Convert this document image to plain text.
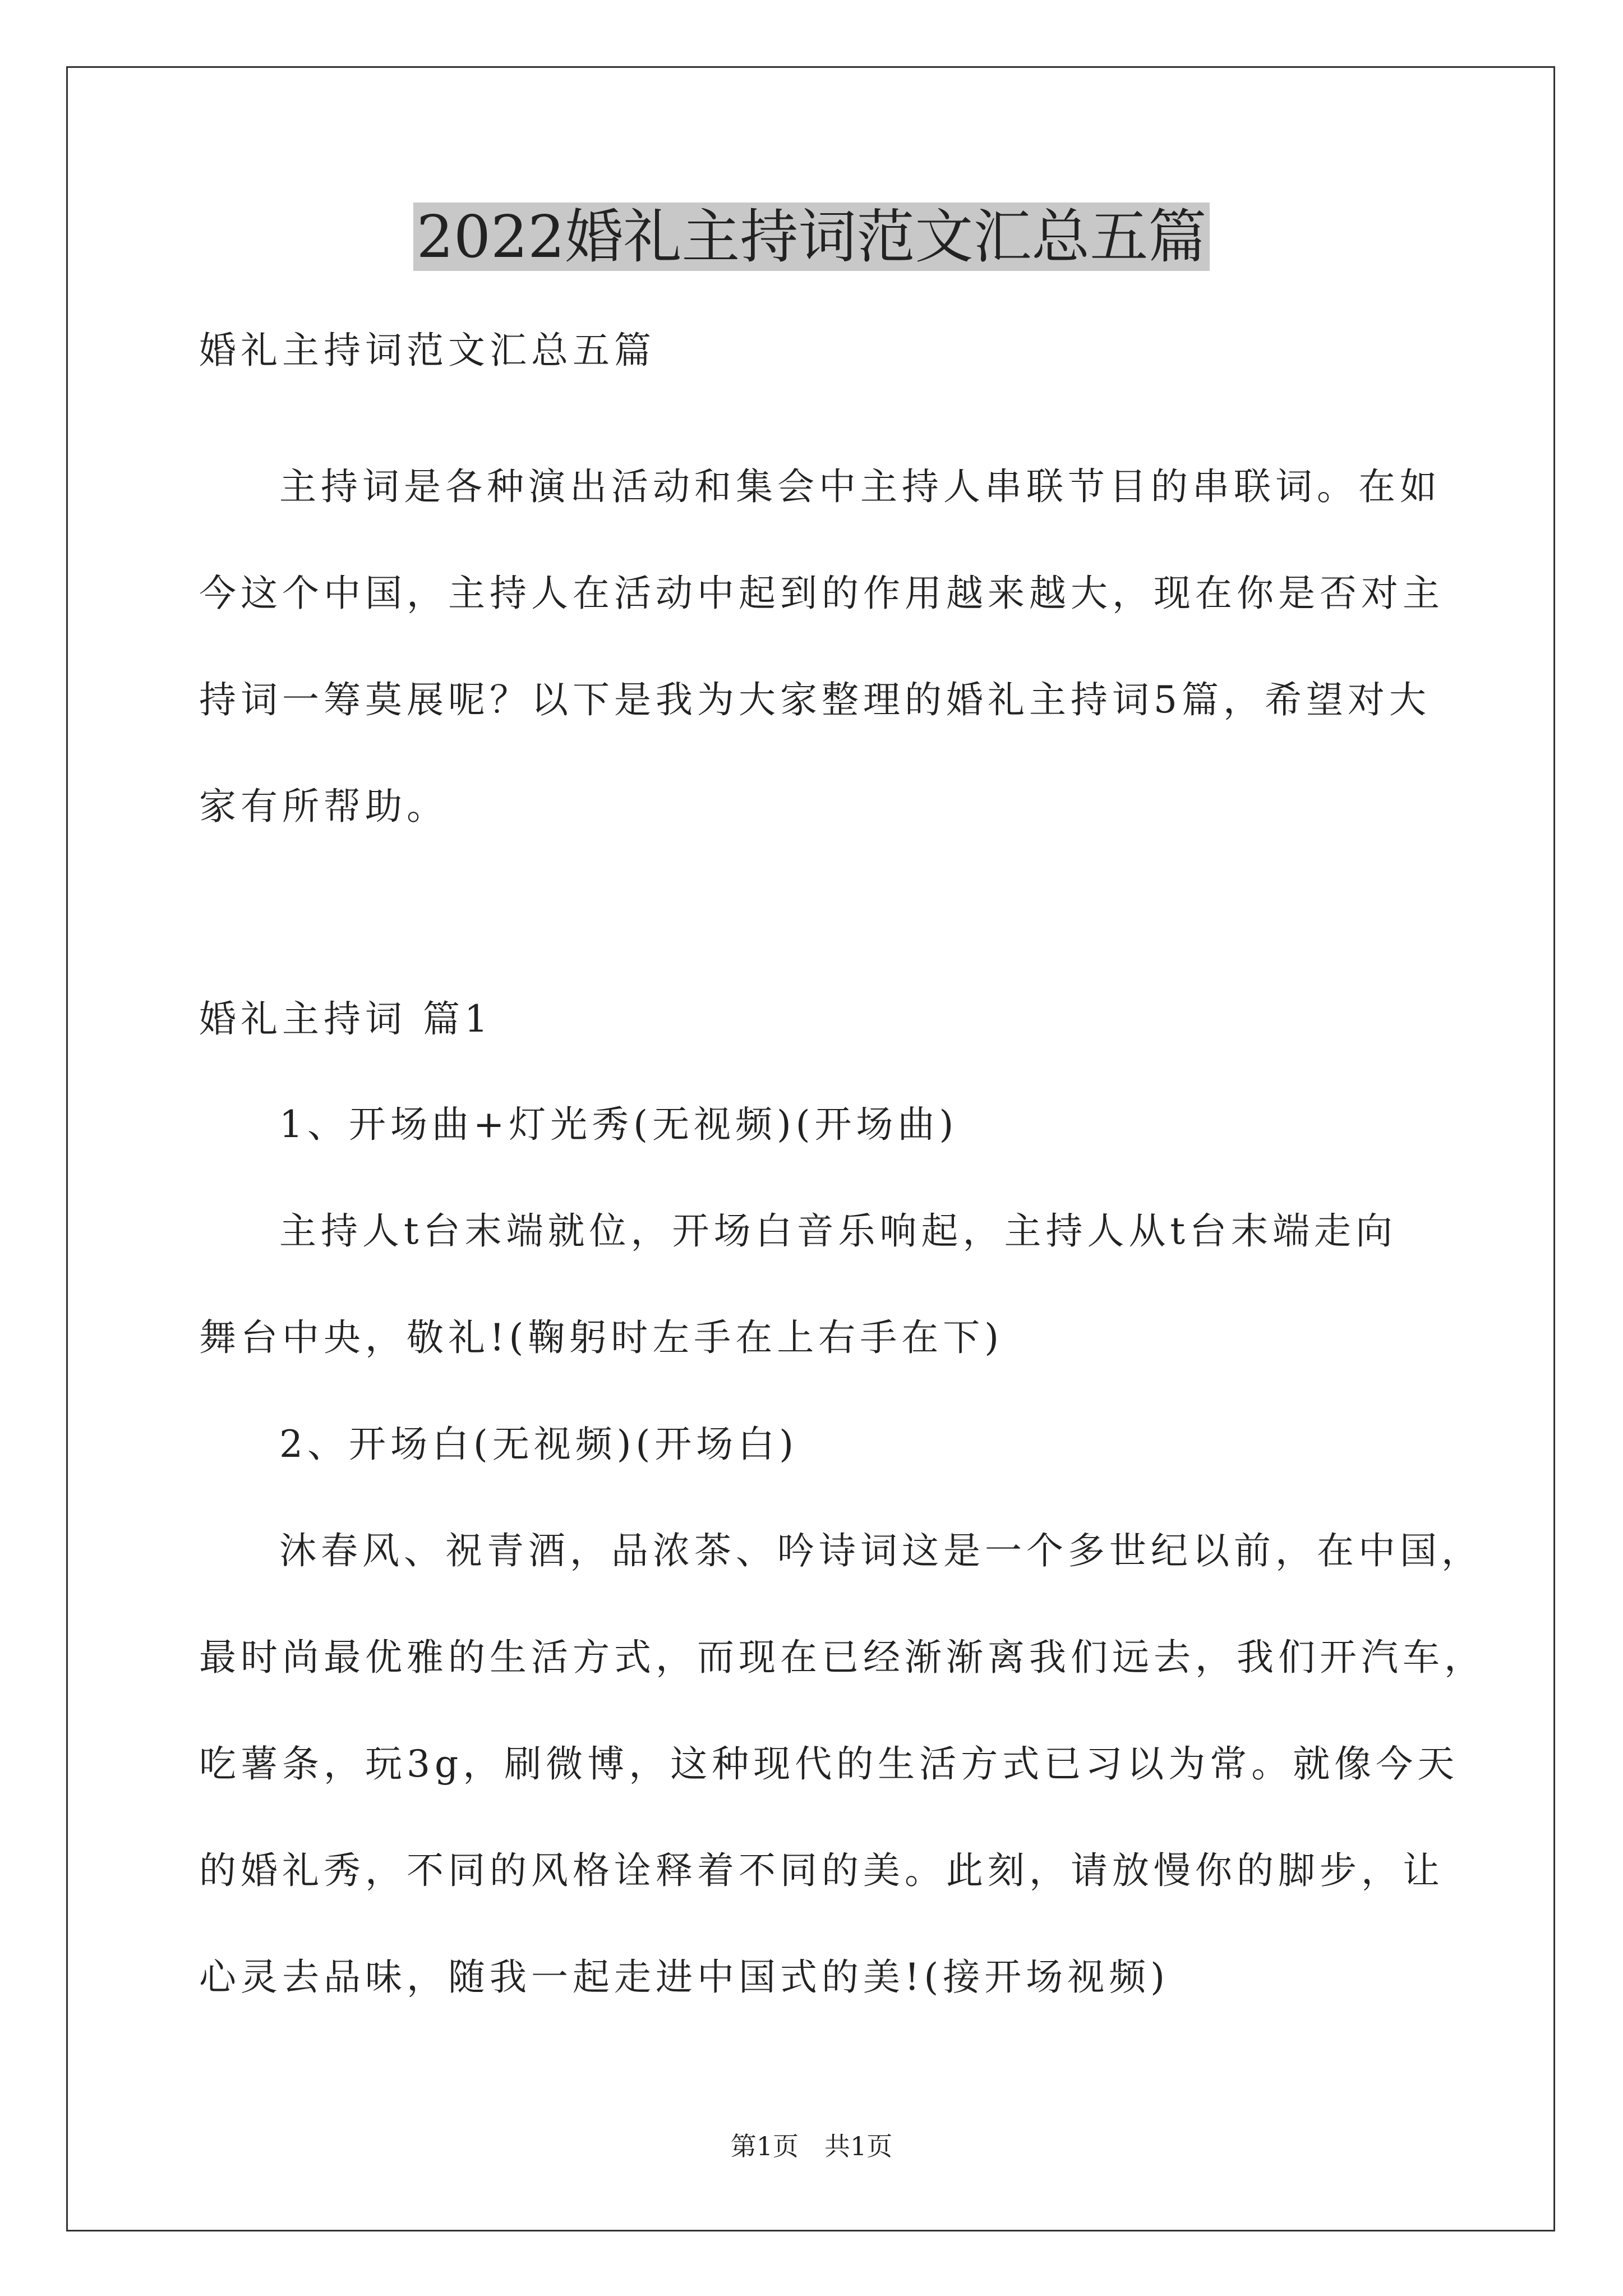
2022婚礼主持词范文汇总五篇
婚礼主持词范文汇总五篇
主持词是各种演出活动和集会中主持人串联节目的串联词。在如
今这个中国，主持人在活动中起到的作用越来越大，现在你是否对主
持词一筹莫展呢？以下是我为大家整理的婚礼主持词5篇，希望对大
家有所帮助。
婚礼主持词 篇1
1、开场曲+灯光秀(无视频)(开场曲)
主持人t台末端就位，开场白音乐响起，主持人从t台末端走向
舞台中央，敬礼!(鞠躬时左手在上右手在下)
2、开场白(无视频)(开场白)
沐春风、祝青酒，品浓茶、吟诗词这是一个多世纪以前，在中国，
最时尚最优雅的生活方式，而现在已经渐渐离我们远去，我们开汽车，
吃薯条，玩3g，刷微博，这种现代的生活方式已习以为常。就像今天
的婚礼秀，不同的风格诠释着不同的美。此刻，请放慢你的脚步，让
心灵去品味，随我一起走进中国式的美!(接开场视频)
第1页　共1页
